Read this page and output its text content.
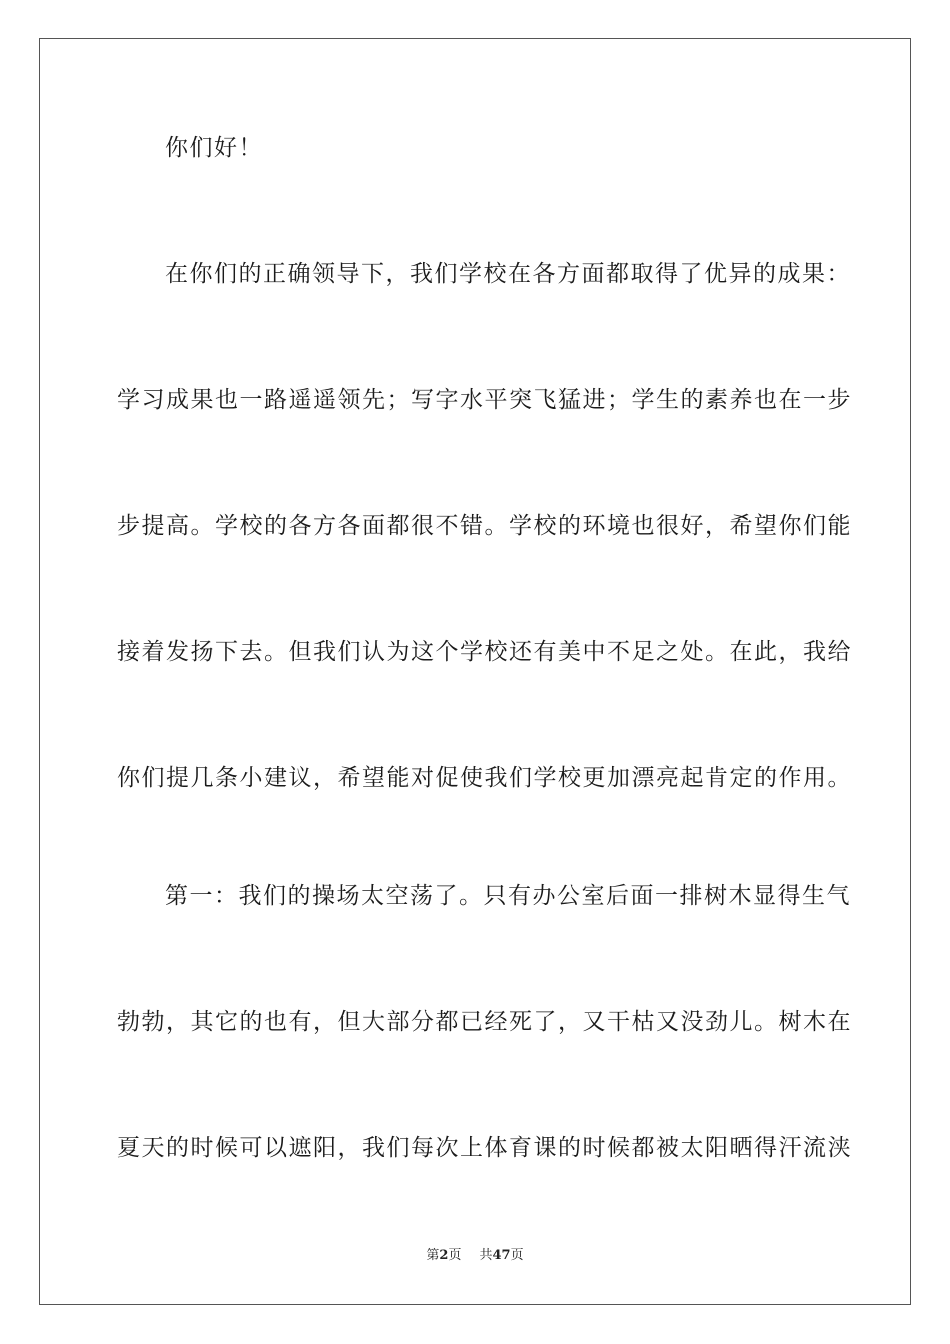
你们好！
在你们的正确领导下，我们学校在各方面都取得了优异的成果：
学习成果也一路遥遥领先；写字水平突飞猛进；学生的素养也在一步
步提高。学校的各方各面都很不错。学校的环境也很好，希望你们能
接着发扬下去。但我们认为这个学校还有美中不足之处。在此，我给
你们提几条小建议，希望能对促使我们学校更加漂亮起肯定的作用。
第一：我们的操场太空荡了。只有办公室后面一排树木显得生气
勃勃，其它的也有，但大部分都已经死了，又干枯又没劲儿。树木在
夏天的时候可以遮阳，我们每次上体育课的时候都被太阳晒得汗流浃
第2页 共47页
